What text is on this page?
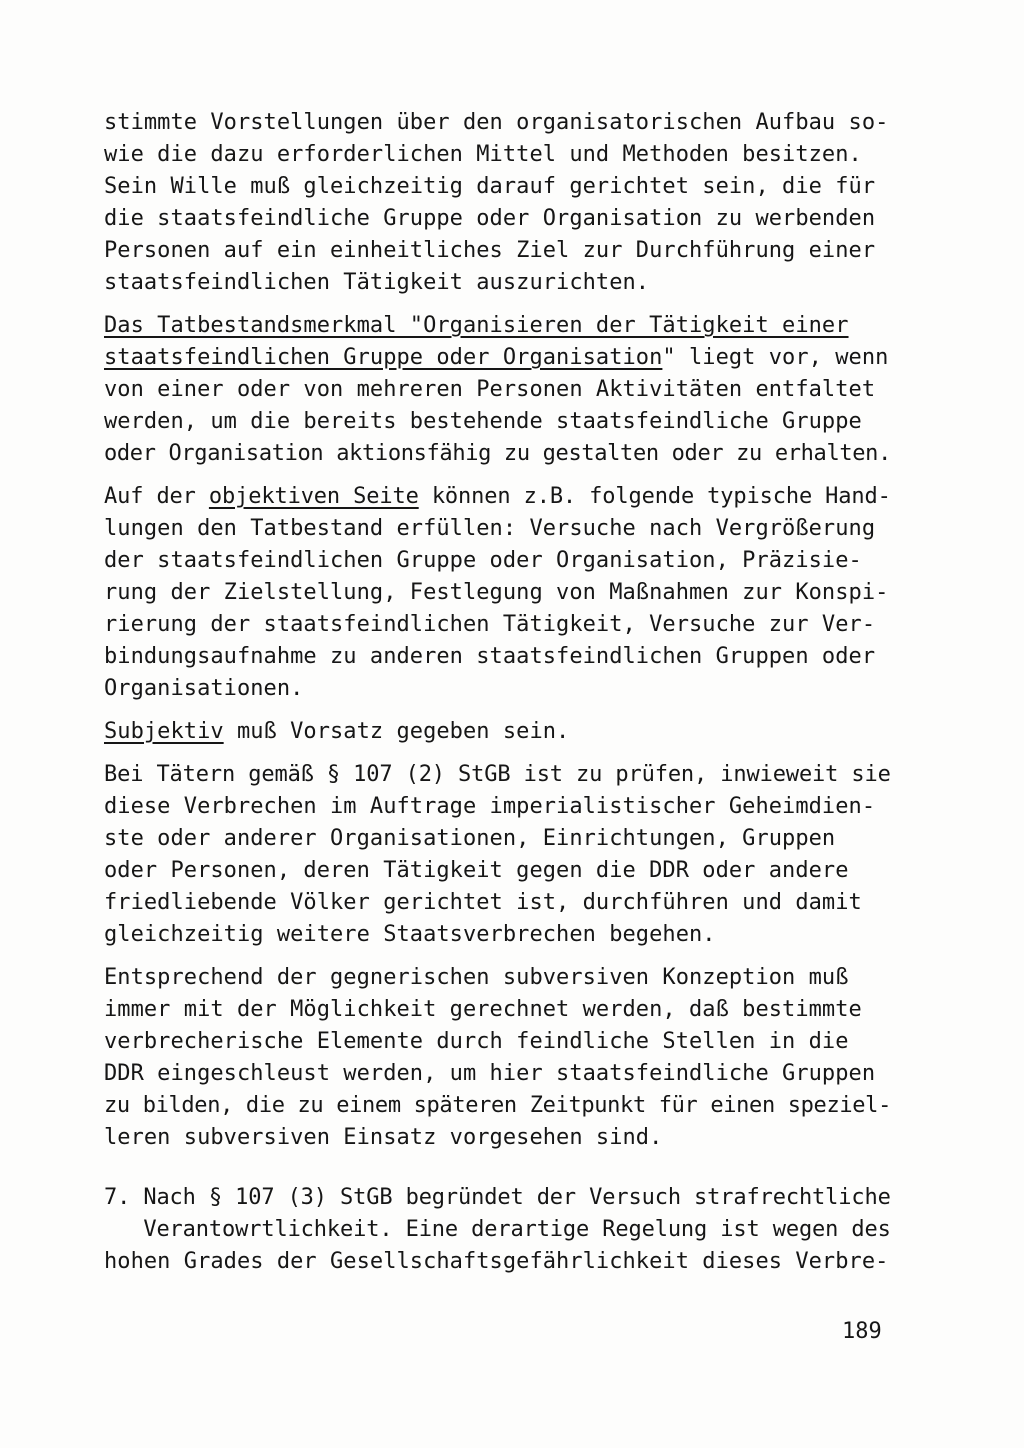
stimmte Vorstellungen über den organisatorischen Aufbau so-
wie die dazu erforderlichen Mittel und Methoden besitzen.
Sein Wille muß gleichzeitig darauf gerichtet sein, die für
die staatsfeindliche Gruppe oder Organisation zu werbenden
Personen auf ein einheitliches Ziel zur Durchführung einer
staatsfeindlichen Tätigkeit auszurichten.
Das Tatbestandsmerkmal "Organisieren der Tätigkeit einer
staatsfeindlichen Gruppe oder Organisation" liegt vor, wenn
von einer oder von mehreren Personen Aktivitäten entfaltet
werden, um die bereits bestehende staatsfeindliche Gruppe
oder Organisation aktionsfähig zu gestalten oder zu erhalten.
Auf der objektiven Seite können z.B. folgende typische Hand-
lungen den Tatbestand erfüllen: Versuche nach Vergrößerung
der staatsfeindlichen Gruppe oder Organisation, Präzisie-
rung der Zielstellung, Festlegung von Maßnahmen zur Konspi-
rierung der staatsfeindlichen Tätigkeit, Versuche zur Ver-
bindungsaufnahme zu anderen staatsfeindlichen Gruppen oder
Organisationen.
Subjektiv muß Vorsatz gegeben sein.
Bei Tätern gemäß § 107 (2) StGB ist zu prüfen, inwieweit sie
diese Verbrechen im Auftrage imperialistischer Geheimdien-
ste oder anderer Organisationen, Einrichtungen, Gruppen
oder Personen, deren Tätigkeit gegen die DDR oder andere
friedliebende Völker gerichtet ist, durchführen und damit
gleichzeitig weitere Staatsverbrechen begehen.
Entsprechend der gegnerischen subversiven Konzeption muß
immer mit der Möglichkeit gerechnet werden, daß bestimmte
verbrecherische Elemente durch feindliche Stellen in die
DDR eingeschleust werden, um hier staatsfeindliche Gruppen
zu bilden, die zu einem späteren Zeitpunkt für einen speziel-
leren subversiven Einsatz vorgesehen sind.
7. Nach § 107 (3) StGB begründet der Versuch strafrechtliche
Verantowrtlichkeit. Eine derartige Regelung ist wegen des
hohen Grades der Gesellschaftsgefährlichkeit dieses Verbre-
189
